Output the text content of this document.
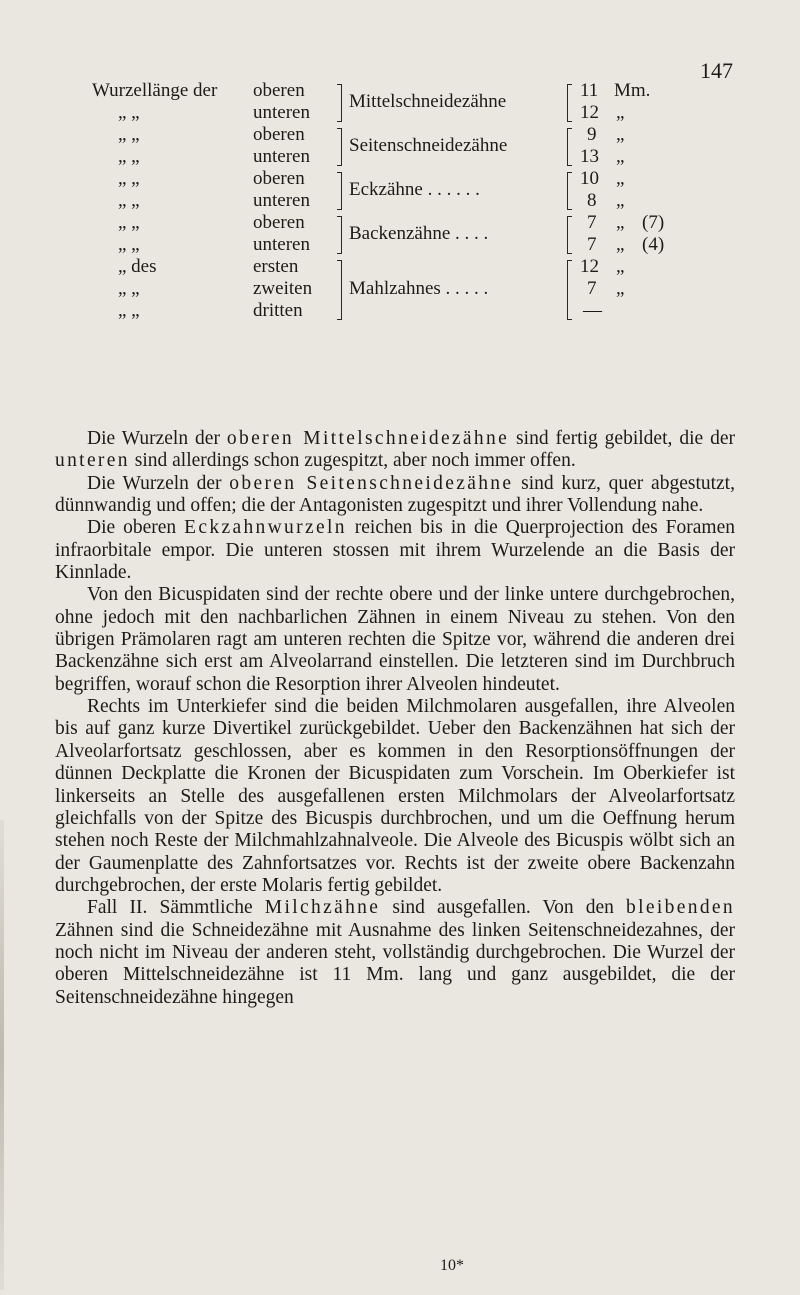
147
Wurzellänge der
„ „
„ „
„ „
„ „
„ „
„ „
„ „
„ des
„ „
„ „
oberen
unteren
oberen
unteren
oberen
unteren
oberen
unteren
ersten
zweiten
dritten
Mittelschneidezähne
Seitenschneidezähne
Eckzähne . . . . . .
Backenzähne . . . .
Mahlzahnes . . . . .
11
12
9
13
10
8
7
7
12
7
—
Mm.
„
„
„
„
„
„
„
„
„
(7)
(4)

Die Wurzeln der oberen Mittelschneidezähne sind fertig gebildet, die der unteren sind allerdings schon zugespitzt, aber noch immer offen.

Die Wurzeln der oberen Seitenschneidezähne sind kurz, quer abgestutzt, dünnwandig und offen; die der Antagonisten zugespitzt und ihrer Vollendung nahe.

Die oberen Eckzahnwurzeln reichen bis in die Querprojection des Foramen infraorbitale empor. Die unteren stossen mit ihrem Wurzelende an die Basis der Kinnlade.

Von den Bicuspidaten sind der rechte obere und der linke untere durchgebrochen, ohne jedoch mit den nachbarlichen Zähnen in einem Niveau zu stehen. Von den übrigen Prämolaren ragt am unteren rechten die Spitze vor, während die anderen drei Backenzähne sich erst am Alveolarrand einstellen. Die letzteren sind im Durchbruch begriffen, worauf schon die Resorption ihrer Alveolen hindeutet.

Rechts im Unterkiefer sind die beiden Milchmolaren ausgefallen, ihre Alveolen bis auf ganz kurze Divertikel zurückgebildet. Ueber den Backenzähnen hat sich der Alveolarfortsatz geschlossen, aber es kommen in den Resorptionsöffnungen der dünnen Deckplatte die Kronen der Bicuspidaten zum Vorschein. Im Oberkiefer ist linkerseits an Stelle des ausgefallenen ersten Milchmolars der Alveolarfortsatz gleichfalls von der Spitze des Bicuspis durchbrochen, und um die Oeffnung herum stehen noch Reste der Milchmahlzahnalveole. Die Alveole des Bicuspis wölbt sich an der Gaumenplatte des Zahnfortsatzes vor. Rechts ist der zweite obere Backenzahn durchgebrochen, der erste Molaris fertig gebildet.

Fall II. Sämmtliche Milchzähne sind ausgefallen. Von den bleibenden Zähnen sind die Schneidezähne mit Ausnahme des linken Seitenschneidezahnes, der noch nicht im Niveau der anderen steht, vollständig durchgebrochen. Die Wurzel der oberen Mittelschneidezähne ist 11 Mm. lang und ganz ausgebildet, die der Seitenschneidezähne hingegen

10*
